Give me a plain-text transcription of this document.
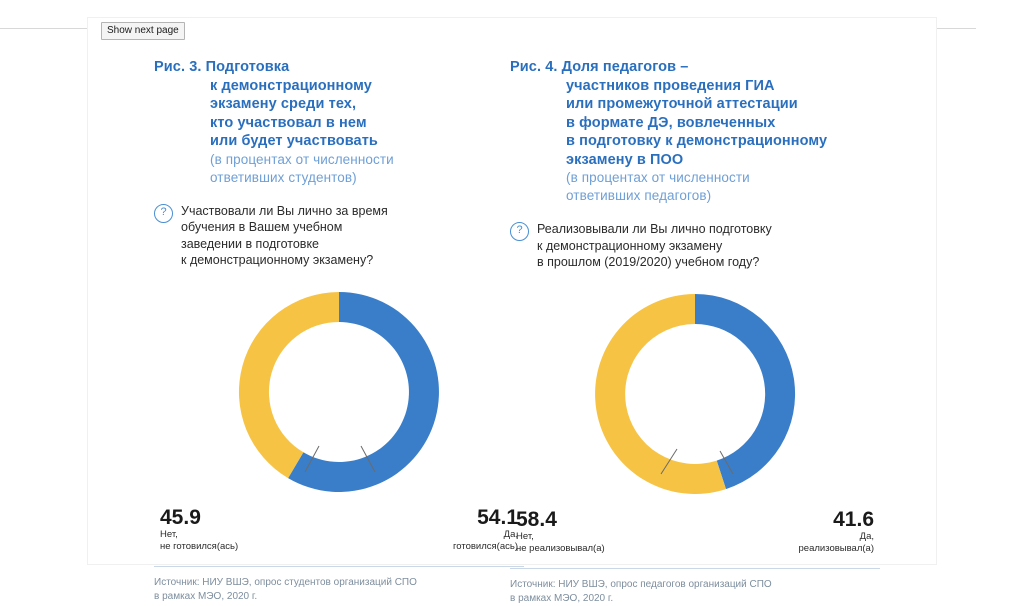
Show next page
Рис. 3. Подготовка
к демонстрационному
экзамену среди тех,
кто участвовал в нем
или будет участвовать
(в процентах от численности
ответивших студентов)
?	Участвовали ли Вы лично за время
обучения в Вашем учебном
заведении в подготовке
к демонстрационному экзамену?
45.9
Нет,
не готовился(ась)
54.1
Да,
готовился(ась)
Источник: НИУ ВШЭ, опрос студентов организаций СПО
в рамках МЭО, 2020 г.
Рис. 4. Доля педагогов –
участников проведения ГИА
или промежуточной аттестации
в формате ДЭ, вовлеченных
в подготовку к демонстрационному
экзамену в ПОО
(в процентах от численности
ответивших педагогов)
?	Реализовывали ли Вы лично подготовку
к демонстрационному экзамену
в прошлом (2019/2020) учебном году?
58.4
Нет,
не реализовывал(а)
41.6
Да,
реализовывал(а)
Источник: НИУ ВШЭ, опрос педагогов организаций СПО
в рамках МЭО, 2020 г.
